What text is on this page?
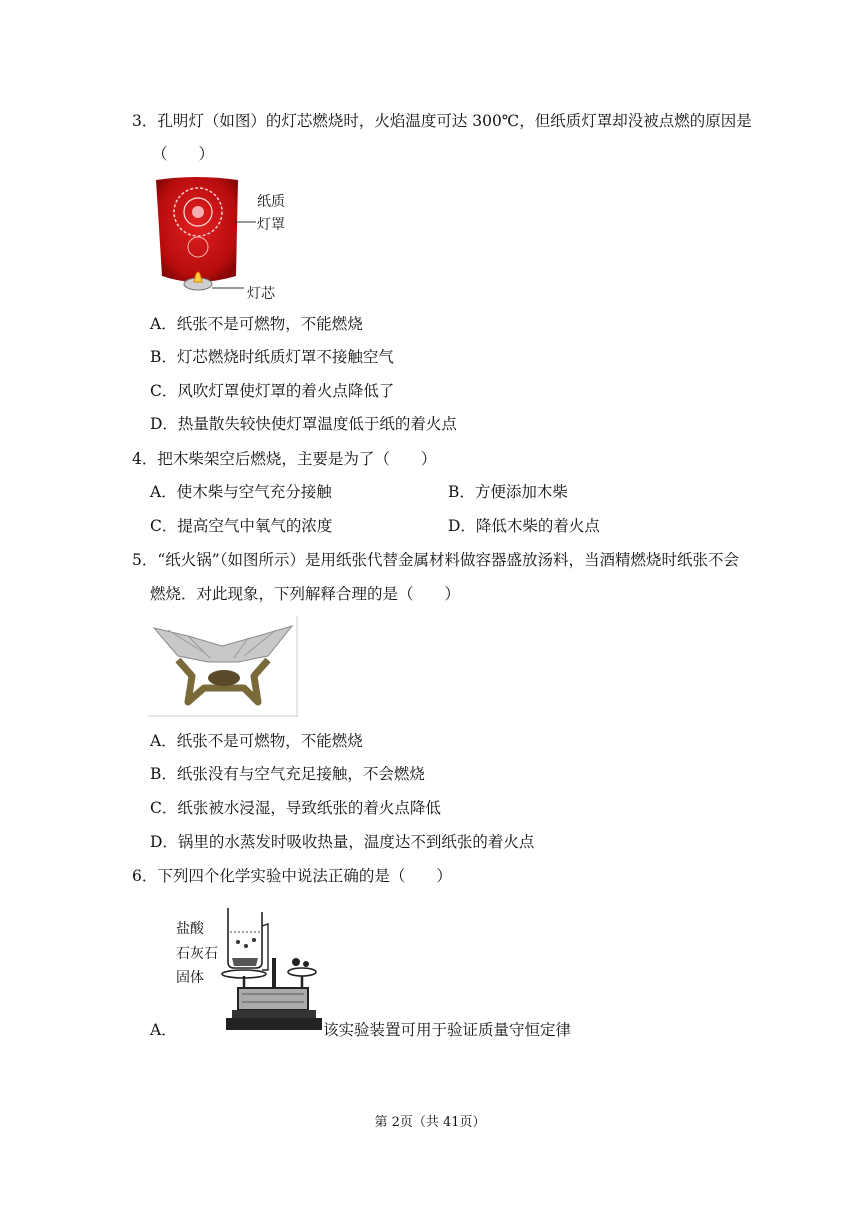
3．孔明灯（如图）的灯芯燃烧时，火焰温度可达 300℃，但纸质灯罩却没被点燃的原因是
（　　）
纸质
灯罩
灯芯
A．纸张不是可燃物，不能燃烧
B．灯芯燃烧时纸质灯罩不接触空气
C．风吹灯罩使灯罩的着火点降低了
D．热量散失较快使灯罩温度低于纸的着火点
4．把木柴架空后燃烧，主要是为了（　　）
A．使木柴与空气充分接触	B．方便添加木柴
C．提高空气中氧气的浓度	D．降低木柴的着火点
5．“纸火锅”（如图所示）是用纸张代替金属材料做容器盛放汤料，当酒精燃烧时纸张不会
燃烧．对此现象，下列解释合理的是（　　）
A．纸张不是可燃物，不能燃烧
B．纸张没有与空气充足接触，不会燃烧
C．纸张被水浸湿，导致纸张的着火点降低
D．锅里的水蒸发时吸收热量，温度达不到纸张的着火点
6．下列四个化学实验中说法正确的是（　　）
盐酸
石灰石
固体
A．	该实验装置可用于验证质量守恒定律
第 2页（共 41页）
